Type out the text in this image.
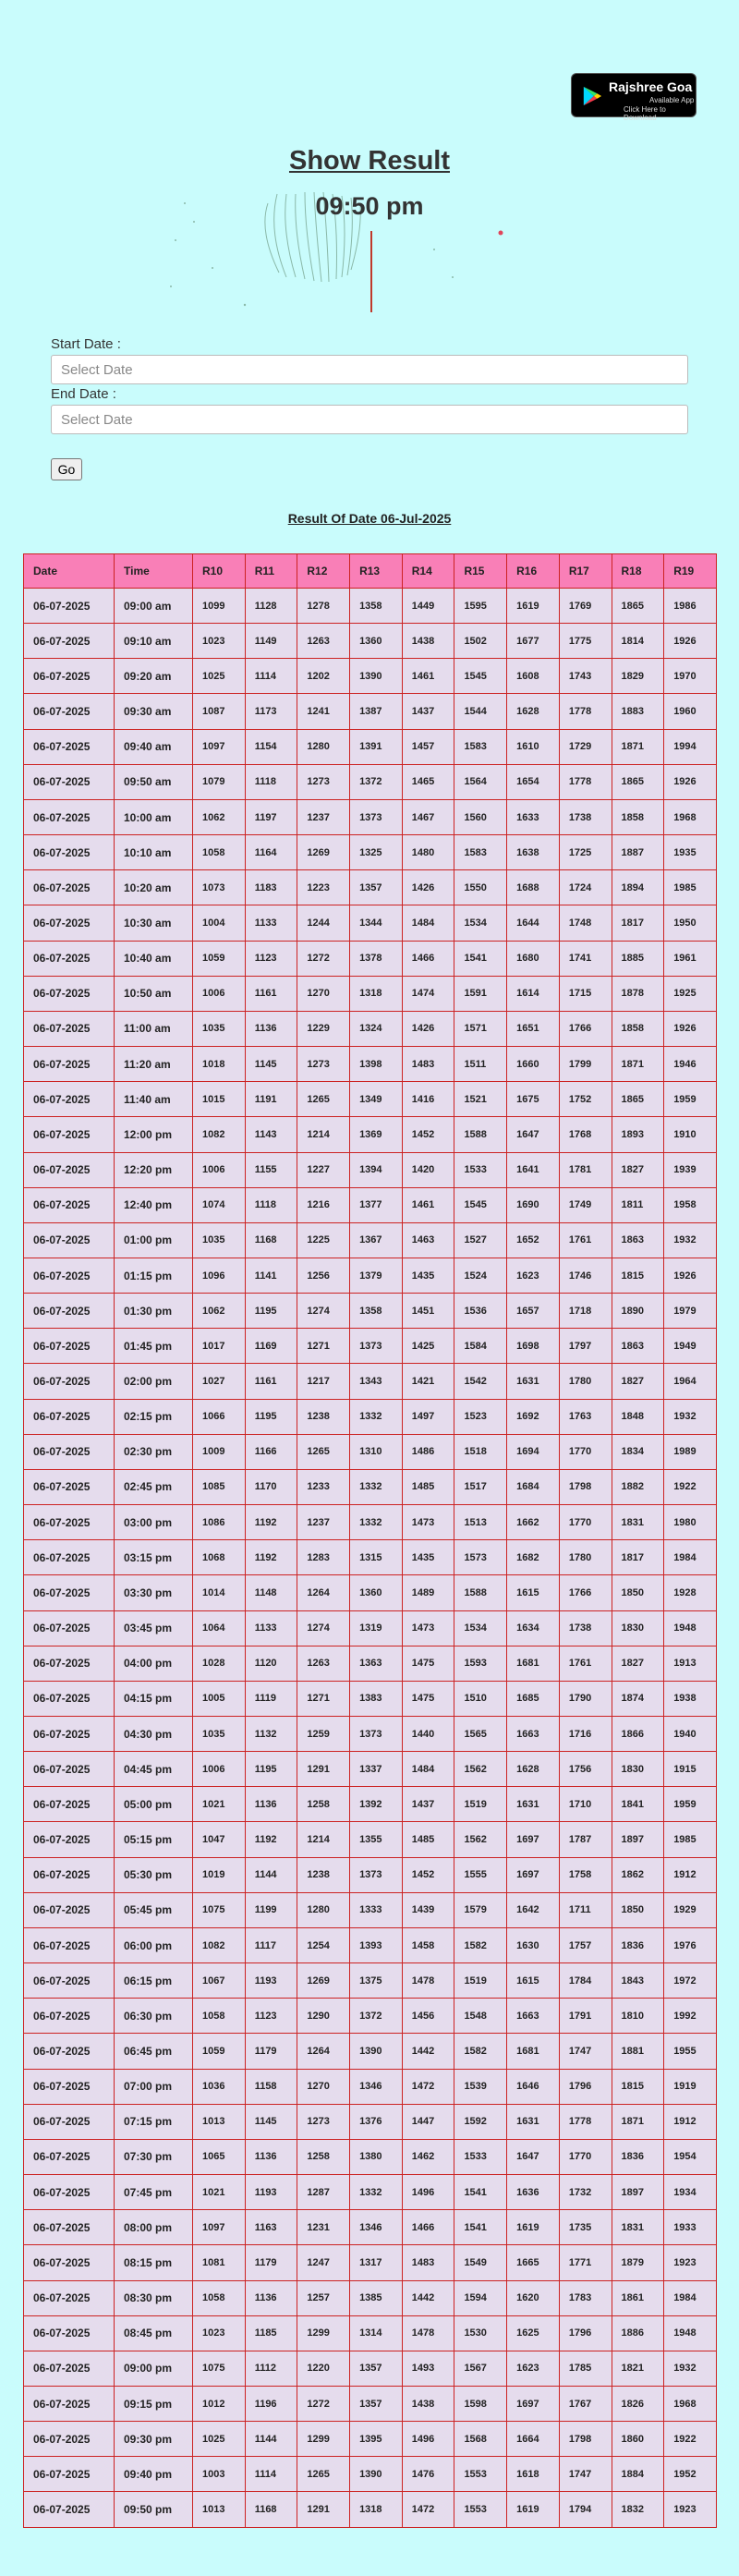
Rajshree Goa
Available App
Click Here to Download
Show Result
09:50 pm
Start Date :
Select Date
End Date :
Select Date
Go
Result Of Date 06-Jul-2025
Date	Time	R10	R11	R12	R13	R14	R15	R16	R17	R18	R19
06-07-2025	09:00 am	1099	1128	1278	1358	1449	1595	1619	1769	1865	1986
06-07-2025	09:10 am	1023	1149	1263	1360	1438	1502	1677	1775	1814	1926
06-07-2025	09:20 am	1025	1114	1202	1390	1461	1545	1608	1743	1829	1970
06-07-2025	09:30 am	1087	1173	1241	1387	1437	1544	1628	1778	1883	1960
06-07-2025	09:40 am	1097	1154	1280	1391	1457	1583	1610	1729	1871	1994
06-07-2025	09:50 am	1079	1118	1273	1372	1465	1564	1654	1778	1865	1926
06-07-2025	10:00 am	1062	1197	1237	1373	1467	1560	1633	1738	1858	1968
06-07-2025	10:10 am	1058	1164	1269	1325	1480	1583	1638	1725	1887	1935
06-07-2025	10:20 am	1073	1183	1223	1357	1426	1550	1688	1724	1894	1985
06-07-2025	10:30 am	1004	1133	1244	1344	1484	1534	1644	1748	1817	1950
06-07-2025	10:40 am	1059	1123	1272	1378	1466	1541	1680	1741	1885	1961
06-07-2025	10:50 am	1006	1161	1270	1318	1474	1591	1614	1715	1878	1925
06-07-2025	11:00 am	1035	1136	1229	1324	1426	1571	1651	1766	1858	1926
06-07-2025	11:20 am	1018	1145	1273	1398	1483	1511	1660	1799	1871	1946
06-07-2025	11:40 am	1015	1191	1265	1349	1416	1521	1675	1752	1865	1959
06-07-2025	12:00 pm	1082	1143	1214	1369	1452	1588	1647	1768	1893	1910
06-07-2025	12:20 pm	1006	1155	1227	1394	1420	1533	1641	1781	1827	1939
06-07-2025	12:40 pm	1074	1118	1216	1377	1461	1545	1690	1749	1811	1958
06-07-2025	01:00 pm	1035	1168	1225	1367	1463	1527	1652	1761	1863	1932
06-07-2025	01:15 pm	1096	1141	1256	1379	1435	1524	1623	1746	1815	1926
06-07-2025	01:30 pm	1062	1195	1274	1358	1451	1536	1657	1718	1890	1979
06-07-2025	01:45 pm	1017	1169	1271	1373	1425	1584	1698	1797	1863	1949
06-07-2025	02:00 pm	1027	1161	1217	1343	1421	1542	1631	1780	1827	1964
06-07-2025	02:15 pm	1066	1195	1238	1332	1497	1523	1692	1763	1848	1932
06-07-2025	02:30 pm	1009	1166	1265	1310	1486	1518	1694	1770	1834	1989
06-07-2025	02:45 pm	1085	1170	1233	1332	1485	1517	1684	1798	1882	1922
06-07-2025	03:00 pm	1086	1192	1237	1332	1473	1513	1662	1770	1831	1980
06-07-2025	03:15 pm	1068	1192	1283	1315	1435	1573	1682	1780	1817	1984
06-07-2025	03:30 pm	1014	1148	1264	1360	1489	1588	1615	1766	1850	1928
06-07-2025	03:45 pm	1064	1133	1274	1319	1473	1534	1634	1738	1830	1948
06-07-2025	04:00 pm	1028	1120	1263	1363	1475	1593	1681	1761	1827	1913
06-07-2025	04:15 pm	1005	1119	1271	1383	1475	1510	1685	1790	1874	1938
06-07-2025	04:30 pm	1035	1132	1259	1373	1440	1565	1663	1716	1866	1940
06-07-2025	04:45 pm	1006	1195	1291	1337	1484	1562	1628	1756	1830	1915
06-07-2025	05:00 pm	1021	1136	1258	1392	1437	1519	1631	1710	1841	1959
06-07-2025	05:15 pm	1047	1192	1214	1355	1485	1562	1697	1787	1897	1985
06-07-2025	05:30 pm	1019	1144	1238	1373	1452	1555	1697	1758	1862	1912
06-07-2025	05:45 pm	1075	1199	1280	1333	1439	1579	1642	1711	1850	1929
06-07-2025	06:00 pm	1082	1117	1254	1393	1458	1582	1630	1757	1836	1976
06-07-2025	06:15 pm	1067	1193	1269	1375	1478	1519	1615	1784	1843	1972
06-07-2025	06:30 pm	1058	1123	1290	1372	1456	1548	1663	1791	1810	1992
06-07-2025	06:45 pm	1059	1179	1264	1390	1442	1582	1681	1747	1881	1955
06-07-2025	07:00 pm	1036	1158	1270	1346	1472	1539	1646	1796	1815	1919
06-07-2025	07:15 pm	1013	1145	1273	1376	1447	1592	1631	1778	1871	1912
06-07-2025	07:30 pm	1065	1136	1258	1380	1462	1533	1647	1770	1836	1954
06-07-2025	07:45 pm	1021	1193	1287	1332	1496	1541	1636	1732	1897	1934
06-07-2025	08:00 pm	1097	1163	1231	1346	1466	1541	1619	1735	1831	1933
06-07-2025	08:15 pm	1081	1179	1247	1317	1483	1549	1665	1771	1879	1923
06-07-2025	08:30 pm	1058	1136	1257	1385	1442	1594	1620	1783	1861	1984
06-07-2025	08:45 pm	1023	1185	1299	1314	1478	1530	1625	1796	1886	1948
06-07-2025	09:00 pm	1075	1112	1220	1357	1493	1567	1623	1785	1821	1932
06-07-2025	09:15 pm	1012	1196	1272	1357	1438	1598	1697	1767	1826	1968
06-07-2025	09:30 pm	1025	1144	1299	1395	1496	1568	1664	1798	1860	1922
06-07-2025	09:40 pm	1003	1114	1265	1390	1476	1553	1618	1747	1884	1952
06-07-2025	09:50 pm	1013	1168	1291	1318	1472	1553	1619	1794	1832	1923
